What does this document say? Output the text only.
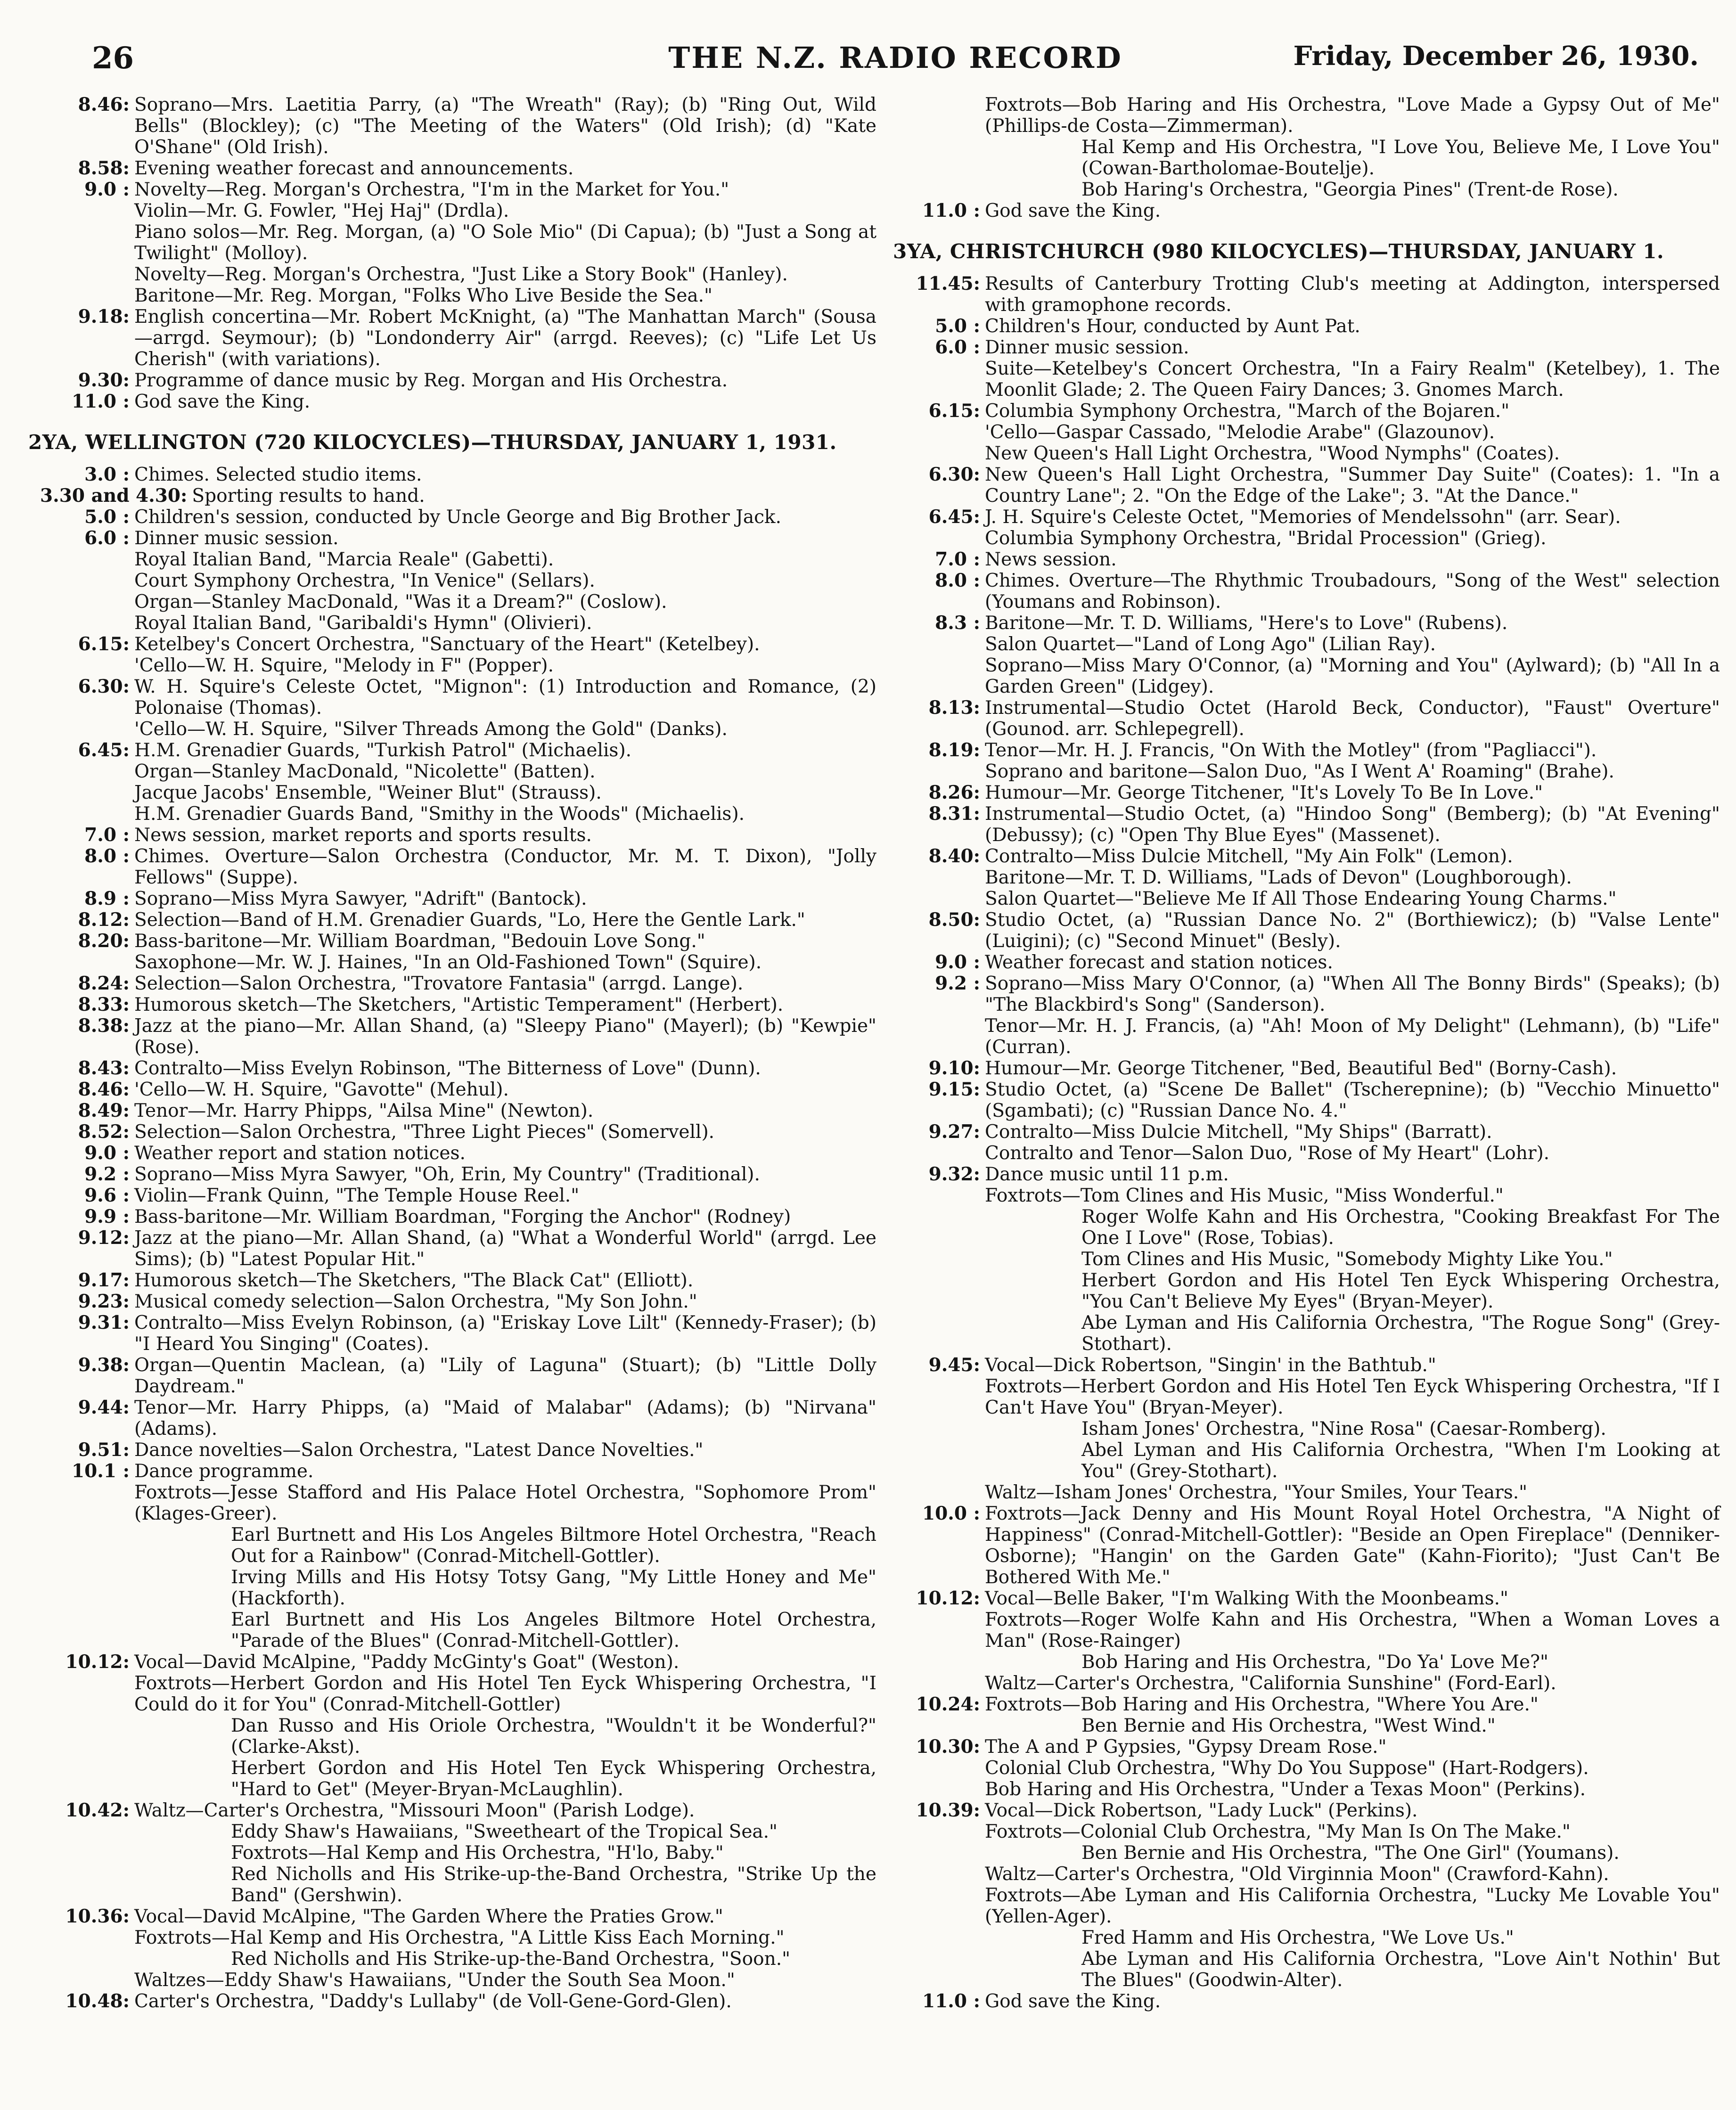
26	THE N.Z. RADIO RECORD	Friday, December 26, 1930.
8.46: Soprano—Mrs. Laetitia Parry, (a) "The Wreath" (Ray); (b) "Ring Out, Wild Bells" (Blockley); (c) "The Meeting of the Waters" (Old Irish); (d) "Kate O'Shane" (Old Irish).
8.58: Evening weather forecast and announcements.
9.0 : Novelty—Reg. Morgan's Orchestra, "I'm in the Market for You."
Violin—Mr. G. Fowler, "Hej Haj" (Drdla).
Piano solos—Mr. Reg. Morgan, (a) "O Sole Mio" (Di Capua); (b) "Just a Song at Twilight" (Molloy).
Novelty—Reg. Morgan's Orchestra, "Just Like a Story Book" (Hanley).
Baritone—Mr. Reg. Morgan, "Folks Who Live Beside the Sea."
9.18: English concertina—Mr. Robert McKnight, (a) "The Manhattan March" (Sousa—arrgd. Seymour); (b) "Londonderry Air" (arrgd. Reeves); (c) "Life Let Us Cherish" (with variations).
9.30: Programme of dance music by Reg. Morgan and His Orchestra.
11.0 : God save the King.
2YA, WELLINGTON (720 KILOCYCLES)—THURSDAY, JANUARY 1, 1931.
3.0 : Chimes. Selected studio items.
3.30 and 4.30: Sporting results to hand.
5.0 : Children's session, conducted by Uncle George and Big Brother Jack.
6.0 : Dinner music session.
Royal Italian Band, "Marcia Reale" (Gabetti).
Court Symphony Orchestra, "In Venice" (Sellars).
Organ—Stanley MacDonald, "Was it a Dream?" (Coslow).
Royal Italian Band, "Garibaldi's Hymn" (Olivieri).
6.15: Ketelbey's Concert Orchestra, "Sanctuary of the Heart" (Ketelbey).
'Cello—W. H. Squire, "Melody in F" (Popper).
6.30: W. H. Squire's Celeste Octet, "Mignon": (1) Introduction and Romance, (2) Polonaise (Thomas).
'Cello—W. H. Squire, "Silver Threads Among the Gold" (Danks).
6.45: H.M. Grenadier Guards, "Turkish Patrol" (Michaelis).
Organ—Stanley MacDonald, "Nicolette" (Batten).
Jacque Jacobs' Ensemble, "Weiner Blut" (Strauss).
H.M. Grenadier Guards Band, "Smithy in the Woods" (Michaelis).
7.0 : News session, market reports and sports results.
8.0 : Chimes. Overture—Salon Orchestra (Conductor, Mr. M. T. Dixon), "Jolly Fellows" (Suppe).
8.9 : Soprano—Miss Myra Sawyer, "Adrift" (Bantock).
8.12: Selection—Band of H.M. Grenadier Guards, "Lo, Here the Gentle Lark."
8.20: Bass-baritone—Mr. William Boardman, "Bedouin Love Song."
Saxophone—Mr. W. J. Haines, "In an Old-Fashioned Town" (Squire).
8.24: Selection—Salon Orchestra, "Trovatore Fantasia" (arrgd. Lange).
8.33: Humorous sketch—The Sketchers, "Artistic Temperament" (Herbert).
8.38: Jazz at the piano—Mr. Allan Shand, (a) "Sleepy Piano" (Mayerl); (b) "Kewpie" (Rose).
8.43: Contralto—Miss Evelyn Robinson, "The Bitterness of Love" (Dunn).
8.46: 'Cello—W. H. Squire, "Gavotte" (Mehul).
8.49: Tenor—Mr. Harry Phipps, "Ailsa Mine" (Newton).
8.52: Selection—Salon Orchestra, "Three Light Pieces" (Somervell).
9.0 : Weather report and station notices.
9.2 : Soprano—Miss Myra Sawyer, "Oh, Erin, My Country" (Traditional).
9.6 : Violin—Frank Quinn, "The Temple House Reel."
9.9 : Bass-baritone—Mr. William Boardman, "Forging the Anchor" (Rodney)
9.12: Jazz at the piano—Mr. Allan Shand, (a) "What a Wonderful World" (arrgd. Lee Sims); (b) "Latest Popular Hit."
9.17: Humorous sketch—The Sketchers, "The Black Cat" (Elliott).
9.23: Musical comedy selection—Salon Orchestra, "My Son John."
9.31: Contralto—Miss Evelyn Robinson, (a) "Eriskay Love Lilt" (Kennedy-Fraser); (b) "I Heard You Singing" (Coates).
9.38: Organ—Quentin Maclean, (a) "Lily of Laguna" (Stuart); (b) "Little Dolly Daydream."
9.44: Tenor—Mr. Harry Phipps, (a) "Maid of Malabar" (Adams); (b) "Nirvana" (Adams).
9.51: Dance novelties—Salon Orchestra, "Latest Dance Novelties."
10.1 : Dance programme.
Foxtrots—Jesse Stafford and His Palace Hotel Orchestra, "Sophomore Prom" (Klages-Greer).
Earl Burtnett and His Los Angeles Biltmore Hotel Orchestra, "Reach Out for a Rainbow" (Conrad-Mitchell-Gottler).
Irving Mills and His Hotsy Totsy Gang, "My Little Honey and Me" (Hackforth).
Earl Burtnett and His Los Angeles Biltmore Hotel Orchestra, "Parade of the Blues" (Conrad-Mitchell-Gottler).
10.12: Vocal—David McAlpine, "Paddy McGinty's Goat" (Weston).
Foxtrots—Herbert Gordon and His Hotel Ten Eyck Whispering Orchestra, "I Could do it for You" (Conrad-Mitchell-Gottler)
Dan Russo and His Oriole Orchestra, "Wouldn't it be Wonderful?" (Clarke-Akst).
Herbert Gordon and His Hotel Ten Eyck Whispering Orchestra, "Hard to Get" (Meyer-Bryan-McLaughlin).
10.42: Waltz—Carter's Orchestra, "Missouri Moon" (Parish Lodge).
Eddy Shaw's Hawaiians, "Sweetheart of the Tropical Sea."
Foxtrots—Hal Kemp and His Orchestra, "H'lo, Baby."
Red Nicholls and His Strike-up-the-Band Orchestra, "Strike Up the Band" (Gershwin).
10.36: Vocal—David McAlpine, "The Garden Where the Praties Grow."
Foxtrots—Hal Kemp and His Orchestra, "A Little Kiss Each Morning."
Red Nicholls and His Strike-up-the-Band Orchestra, "Soon."
Waltzes—Eddy Shaw's Hawaiians, "Under the South Sea Moon."
10.48: Carter's Orchestra, "Daddy's Lullaby" (de Voll-Gene-Gord-Glen).
Foxtrots—Bob Haring and His Orchestra, "Love Made a Gypsy Out of Me" (Phillips-de Costa—Zimmerman).
Hal Kemp and His Orchestra, "I Love You, Believe Me, I Love You" (Cowan-Bartholomae-Boutelje).
Bob Haring's Orchestra, "Georgia Pines" (Trent-de Rose).
11.0 : God save the King.
3YA, CHRISTCHURCH (980 KILOCYCLES)—THURSDAY, JANUARY 1.
11.45: Results of Canterbury Trotting Club's meeting at Addington, interspersed with gramophone records.
5.0 : Children's Hour, conducted by Aunt Pat.
6.0 : Dinner music session.
Suite—Ketelbey's Concert Orchestra, "In a Fairy Realm" (Ketelbey), 1. The Moonlit Glade; 2. The Queen Fairy Dances; 3. Gnomes March.
6.15: Columbia Symphony Orchestra, "March of the Bojaren."
'Cello—Gaspar Cassado, "Melodie Arabe" (Glazounov).
New Queen's Hall Light Orchestra, "Wood Nymphs" (Coates).
6.30: New Queen's Hall Light Orchestra, "Summer Day Suite" (Coates): 1. "In a Country Lane"; 2. "On the Edge of the Lake"; 3. "At the Dance."
6.45: J. H. Squire's Celeste Octet, "Memories of Mendelssohn" (arr. Sear).
Columbia Symphony Orchestra, "Bridal Procession" (Grieg).
7.0 : News session.
8.0 : Chimes. Overture—The Rhythmic Troubadours, "Song of the West" selection (Youmans and Robinson).
8.3 : Baritone—Mr. T. D. Williams, "Here's to Love" (Rubens).
Salon Quartet—"Land of Long Ago" (Lilian Ray).
Soprano—Miss Mary O'Connor, (a) "Morning and You" (Aylward); (b) "All In a Garden Green" (Lidgey).
8.13: Instrumental—Studio Octet (Harold Beck, Conductor), "Faust" Overture" (Gounod. arr. Schlepegrell).
8.19: Tenor—Mr. H. J. Francis, "On With the Motley" (from "Pagliacci").
Soprano and baritone—Salon Duo, "As I Went A' Roaming" (Brahe).
8.26: Humour—Mr. George Titchener, "It's Lovely To Be In Love."
8.31: Instrumental—Studio Octet, (a) "Hindoo Song" (Bemberg); (b) "At Evening" (Debussy); (c) "Open Thy Blue Eyes" (Massenet).
8.40: Contralto—Miss Dulcie Mitchell, "My Ain Folk" (Lemon).
Baritone—Mr. T. D. Williams, "Lads of Devon" (Loughborough).
Salon Quartet—"Believe Me If All Those Endearing Young Charms."
8.50: Studio Octet, (a) "Russian Dance No. 2" (Borthiewicz); (b) "Valse Lente" (Luigini); (c) "Second Minuet" (Besly).
9.0 : Weather forecast and station notices.
9.2 : Soprano—Miss Mary O'Connor, (a) "When All The Bonny Birds" (Speaks); (b) "The Blackbird's Song" (Sanderson).
Tenor—Mr. H. J. Francis, (a) "Ah! Moon of My Delight" (Lehmann), (b) "Life" (Curran).
9.10: Humour—Mr. George Titchener, "Bed, Beautiful Bed" (Borny-Cash).
9.15: Studio Octet, (a) "Scene De Ballet" (Tscherepnine); (b) "Vecchio Minuetto" (Sgambati); (c) "Russian Dance No. 4."
9.27: Contralto—Miss Dulcie Mitchell, "My Ships" (Barratt).
Contralto and Tenor—Salon Duo, "Rose of My Heart" (Lohr).
9.32: Dance music until 11 p.m.
Foxtrots—Tom Clines and His Music, "Miss Wonderful."
Roger Wolfe Kahn and His Orchestra, "Cooking Breakfast For The One I Love" (Rose, Tobias).
Tom Clines and His Music, "Somebody Mighty Like You."
Herbert Gordon and His Hotel Ten Eyck Whispering Orchestra, "You Can't Believe My Eyes" (Bryan-Meyer).
Abe Lyman and His California Orchestra, "The Rogue Song" (Grey-Stothart).
9.45: Vocal—Dick Robertson, "Singin' in the Bathtub."
Foxtrots—Herbert Gordon and His Hotel Ten Eyck Whispering Orchestra, "If I Can't Have You" (Bryan-Meyer).
Isham Jones' Orchestra, "Nine Rosa" (Caesar-Romberg).
Abel Lyman and His California Orchestra, "When I'm Looking at You" (Grey-Stothart).
Waltz—Isham Jones' Orchestra, "Your Smiles, Your Tears."
10.0 : Foxtrots—Jack Denny and His Mount Royal Hotel Orchestra, "A Night of Happiness" (Conrad-Mitchell-Gottler): "Beside an Open Fireplace" (Denniker-Osborne); "Hangin' on the Garden Gate" (Kahn-Fiorito); "Just Can't Be Bothered With Me."
10.12: Vocal—Belle Baker, "I'm Walking With the Moonbeams."
Foxtrots—Roger Wolfe Kahn and His Orchestra, "When a Woman Loves a Man" (Rose-Rainger)
Bob Haring and His Orchestra, "Do Ya' Love Me?"
Waltz—Carter's Orchestra, "California Sunshine" (Ford-Earl).
10.24: Foxtrots—Bob Haring and His Orchestra, "Where You Are."
Ben Bernie and His Orchestra, "West Wind."
10.30: The A and P Gypsies, "Gypsy Dream Rose."
Colonial Club Orchestra, "Why Do You Suppose" (Hart-Rodgers).
Bob Haring and His Orchestra, "Under a Texas Moon" (Perkins).
10.39: Vocal—Dick Robertson, "Lady Luck" (Perkins).
Foxtrots—Colonial Club Orchestra, "My Man Is On The Make."
Ben Bernie and His Orchestra, "The One Girl" (Youmans).
Waltz—Carter's Orchestra, "Old Virginnia Moon" (Crawford-Kahn).
Foxtrots—Abe Lyman and His California Orchestra, "Lucky Me Lovable You" (Yellen-Ager).
Fred Hamm and His Orchestra, "We Love Us."
Abe Lyman and His California Orchestra, "Love Ain't Nothin' But The Blues" (Goodwin-Alter).
11.0 : God save the King.
